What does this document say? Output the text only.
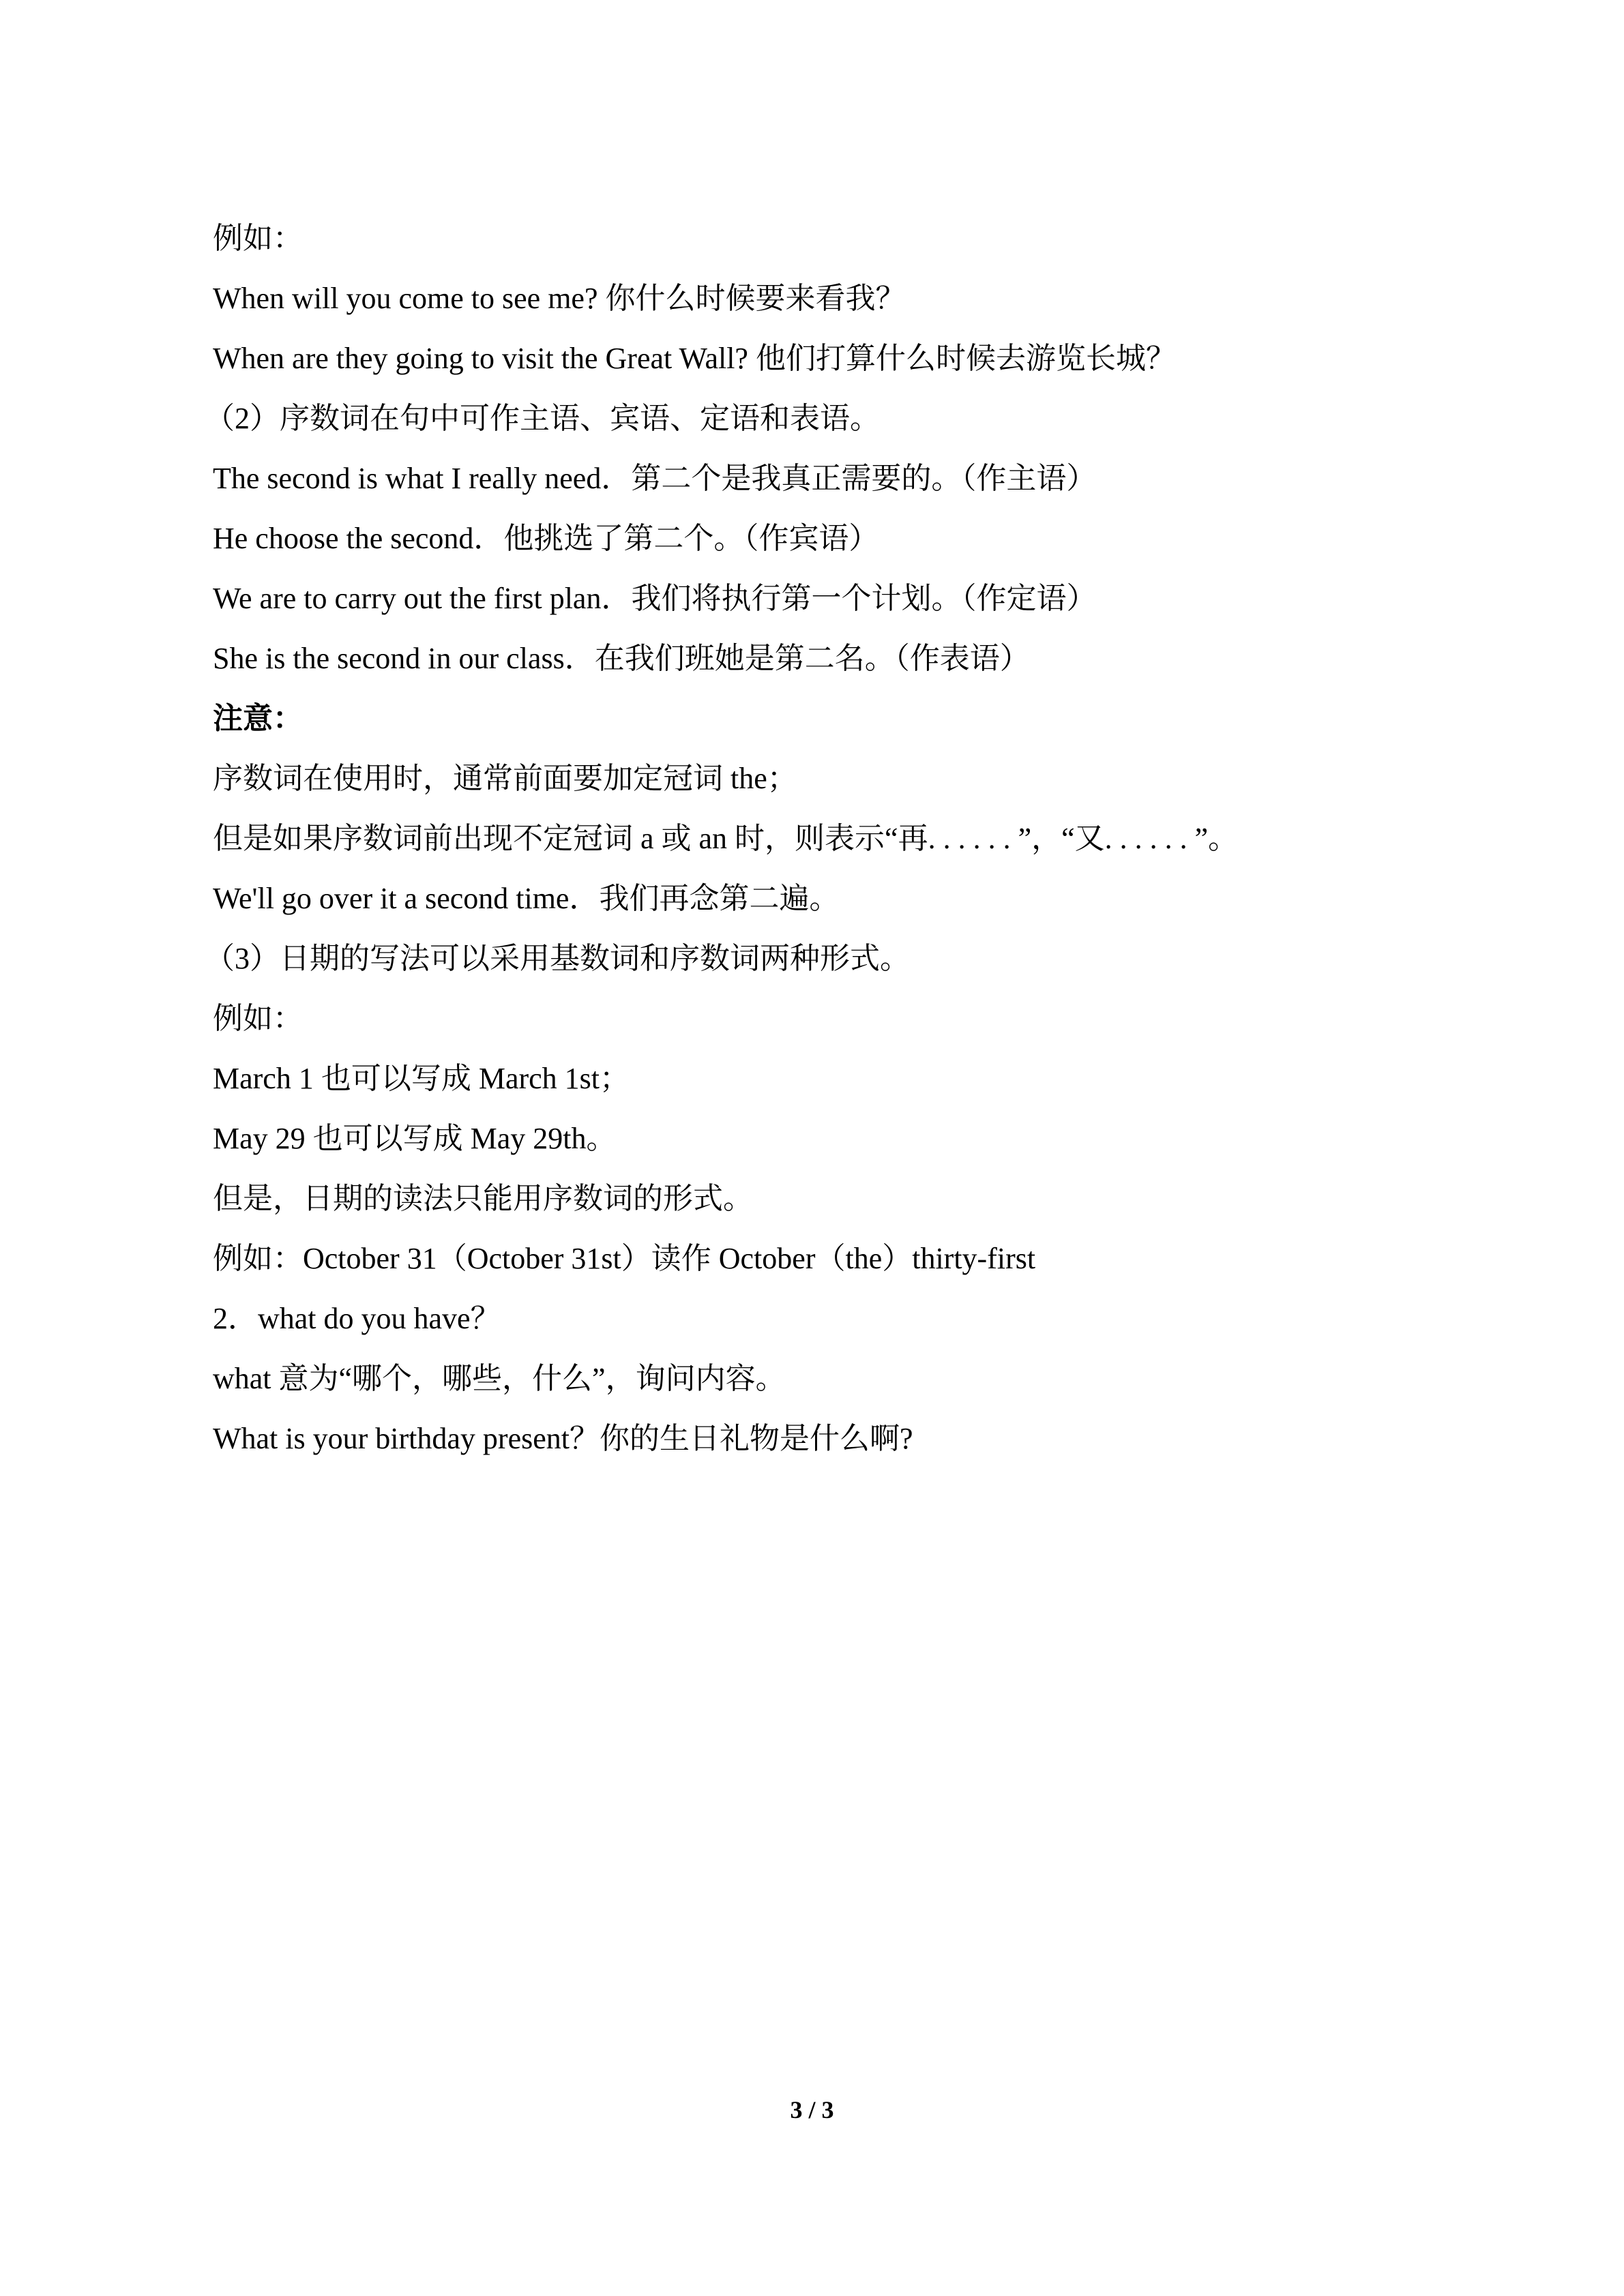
例如：

When will you come to see me? 你什么时候要来看我？

When are they going to visit the Great Wall? 他们打算什么时候去游览长城？

（2）序数词在句中可作主语、宾语、定语和表语。

The second is what I really need．第二个是我真正需要的。（作主语）

He choose the second．他挑选了第二个。（作宾语）

We are to carry out the first plan．我们将执行第一个计划。（作定语）

She is the second in our class．在我们班她是第二名。（作表语）

注意：

序数词在使用时，通常前面要加定冠词 the；

但是如果序数词前出现不定冠词 a 或 an 时，则表示“再. . . . . . ”，“又. . . . . . ”。

We'll go over it a second time．我们再念第二遍。

（3）日期的写法可以采用基数词和序数词两种形式。

例如：

March 1 也可以写成 March 1st；

May 29 也可以写成 May 29th。

但是，日期的读法只能用序数词的形式。

例如：October 31（October 31st）读作 October（the）thirty-first

2．what do you have？

what 意为“哪个，哪些，什么”，询问内容。

What is your birthday present？你的生日礼物是什么啊?

3 / 3
